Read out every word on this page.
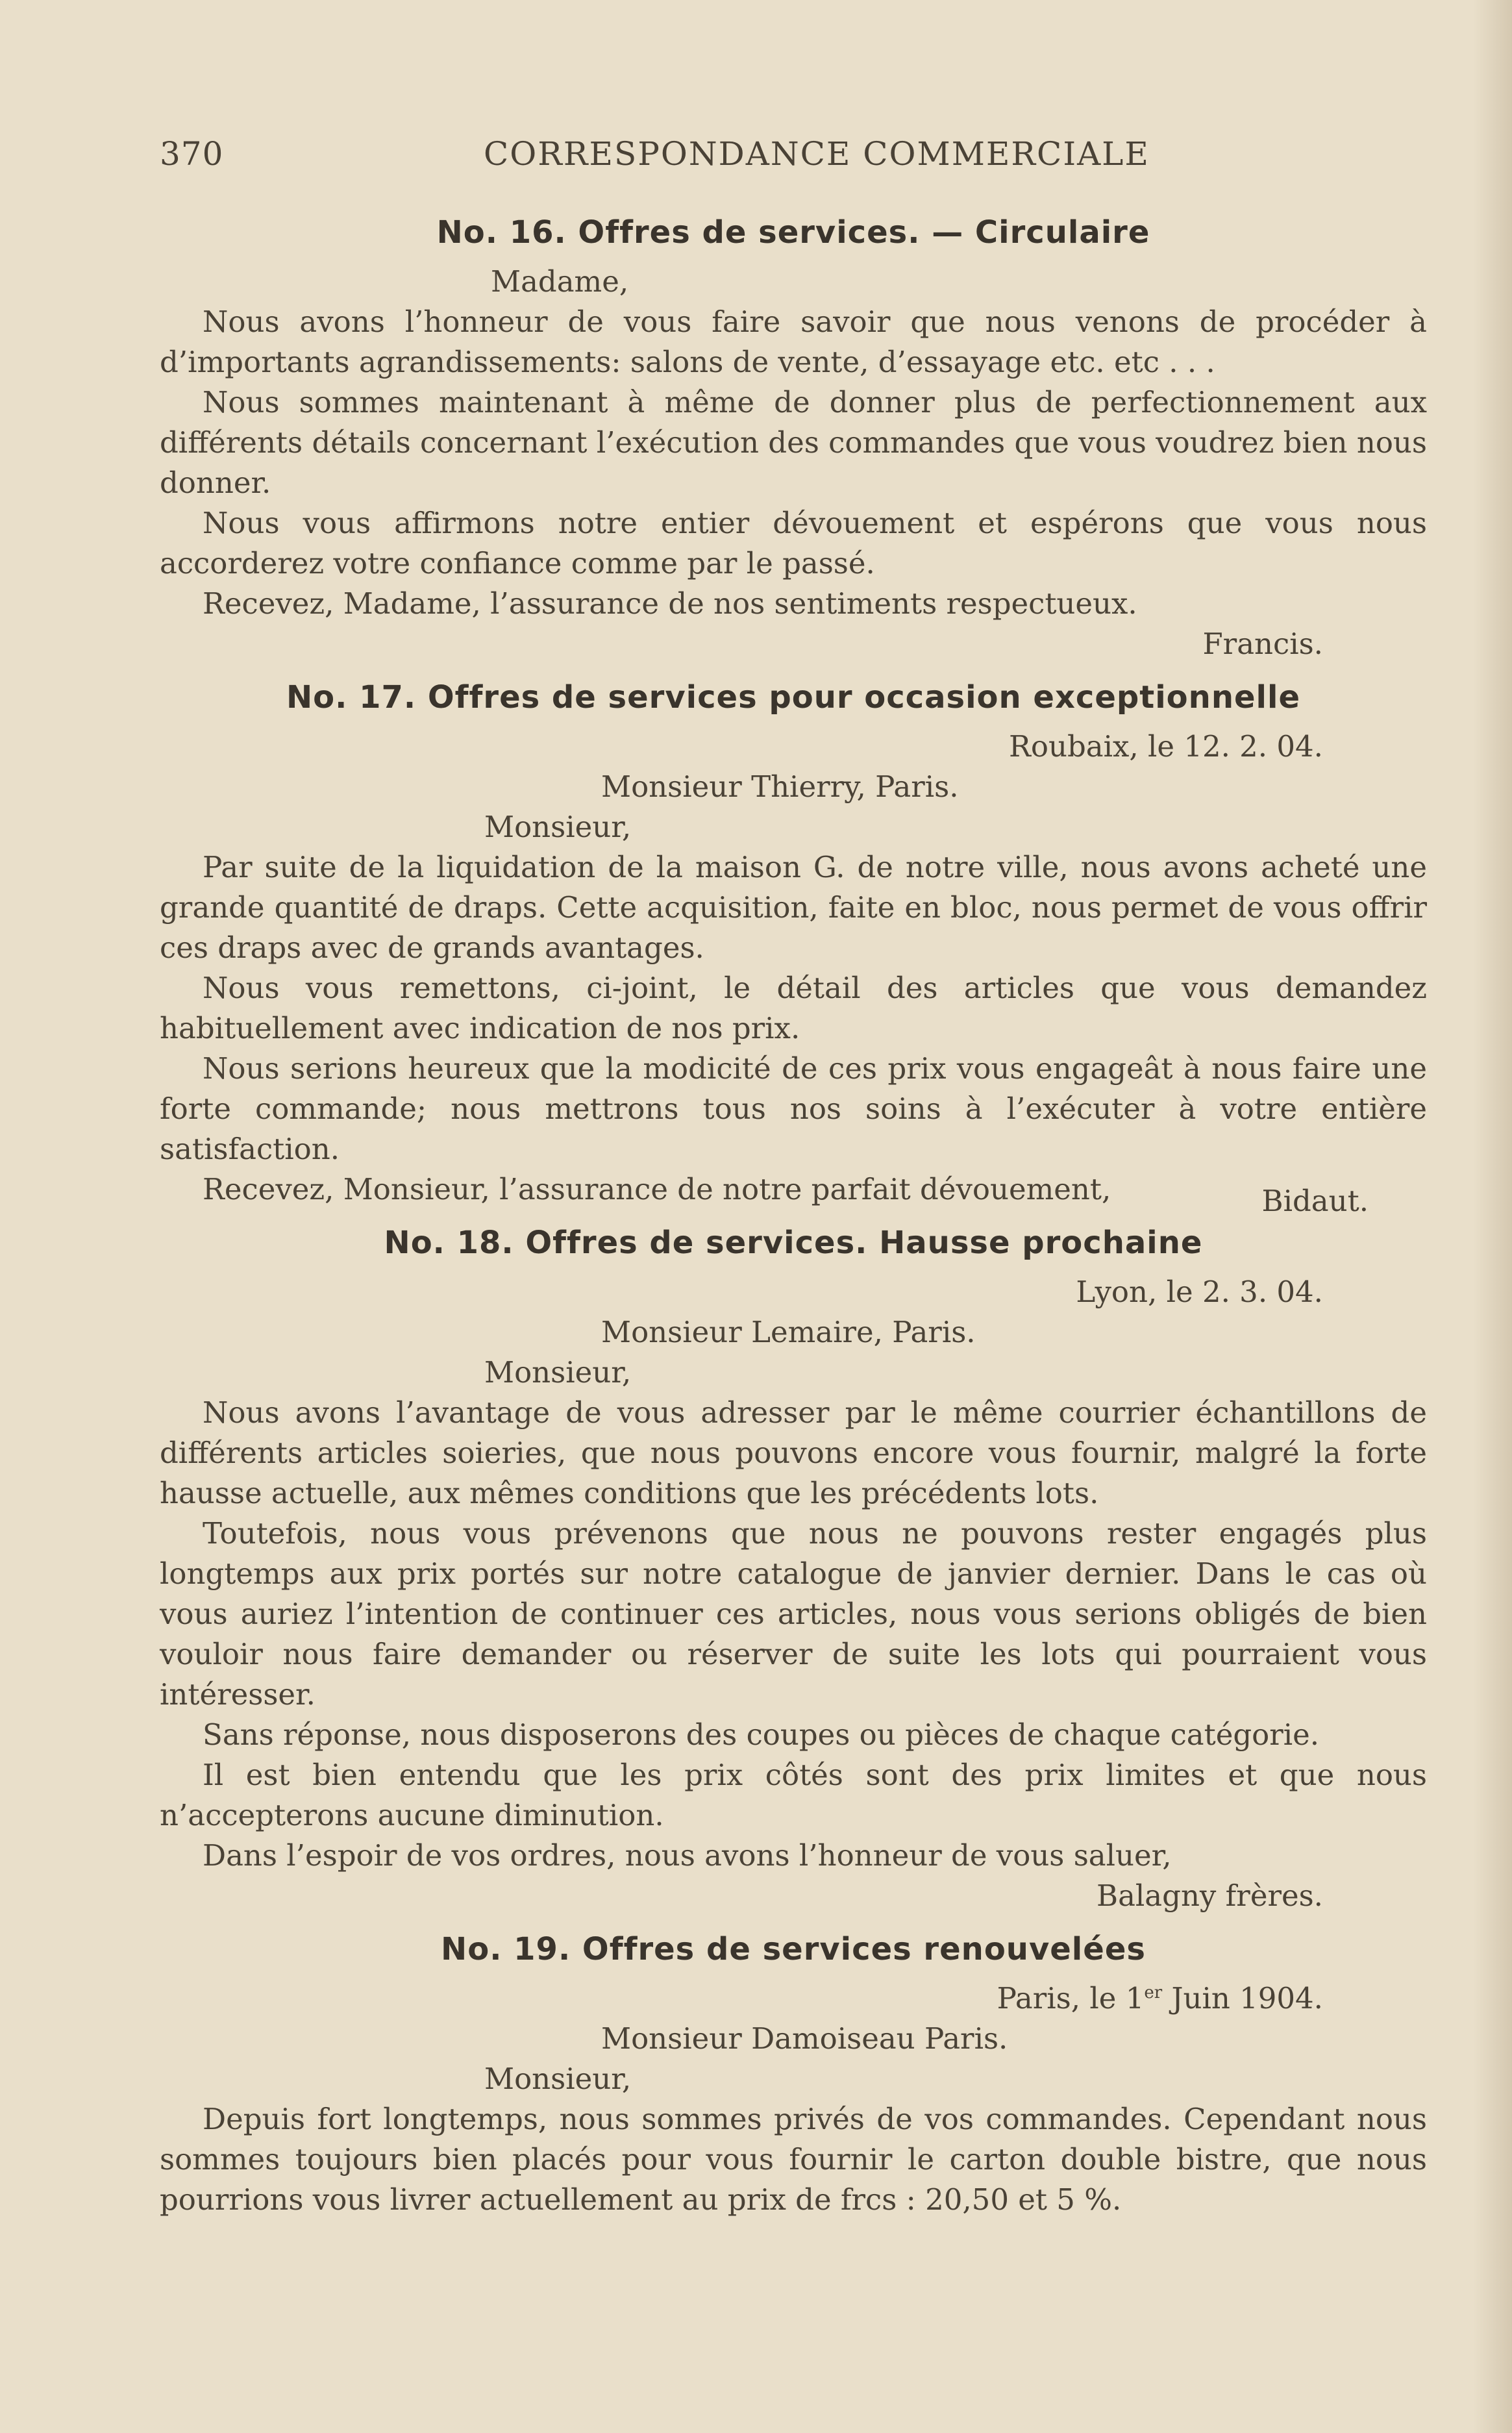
370	CORRESPONDANCE COMMERCIALE
No. 16. Offres de services. — Circulaire
Madame,

Nous avons l’honneur de vous faire savoir que nous venons de procéder à d’importants agrandissements: salons de vente, d’essayage etc. etc . . .

Nous sommes maintenant à même de donner plus de perfectionnement aux différents détails concernant l’exécution des commandes que vous voudrez bien nous donner.

Nous vous affirmons notre entier dévouement et espérons que vous nous accorderez votre confiance comme par le passé.

Recevez, Madame, l’assurance de nos sentiments respectueux.

Francis.
No. 17. Offres de services pour occasion exceptionnelle
Roubaix, le 12. 2. 04.
Monsieur Thierry, Paris.
Monsieur,

Par suite de la liquidation de la maison G. de notre ville, nous avons acheté une grande quantité de draps. Cette acquisition, faite en bloc, nous permet de vous offrir ces draps avec de grands avantages.

Nous vous remettons, ci-joint, le détail des articles que vous demandez habituellement avec indication de nos prix.

Nous serions heureux que la modicité de ces prix vous engageât à nous faire une forte commande; nous mettrons tous nos soins à l’exécuter à votre entière satisfaction.

Recevez, Monsieur, l’assurance de notre parfait dévouement,	Bidaut.
No. 18. Offres de services. Hausse prochaine
Lyon, le 2. 3. 04.
Monsieur Lemaire, Paris.
Monsieur,

Nous avons l’avantage de vous adresser par le même courrier échantillons de différents articles soieries, que nous pouvons encore vous fournir, malgré la forte hausse actuelle, aux mêmes conditions que les précédents lots.

Toutefois, nous vous prévenons que nous ne pouvons rester engagés plus longtemps aux prix portés sur notre catalogue de janvier dernier. Dans le cas où vous auriez l’intention de continuer ces articles, nous vous serions obligés de bien vouloir nous faire demander ou réserver de suite les lots qui pourraient vous intéresser.

Sans réponse, nous disposerons des coupes ou pièces de chaque catégorie.

Il est bien entendu que les prix côtés sont des prix limites et que nous n’accepterons aucune diminution.

Dans l’espoir de vos ordres, nous avons l’honneur de vous saluer,

Balagny frères.
No. 19. Offres de services renouvelées
Paris, le 1er Juin 1904.
Monsieur Damoiseau Paris.
Monsieur,

Depuis fort longtemps, nous sommes privés de vos commandes. Cependant nous sommes toujours bien placés pour vous fournir le carton double bistre, que nous pourrions vous livrer actuellement au prix de frcs : 20,50 et 5 %.
